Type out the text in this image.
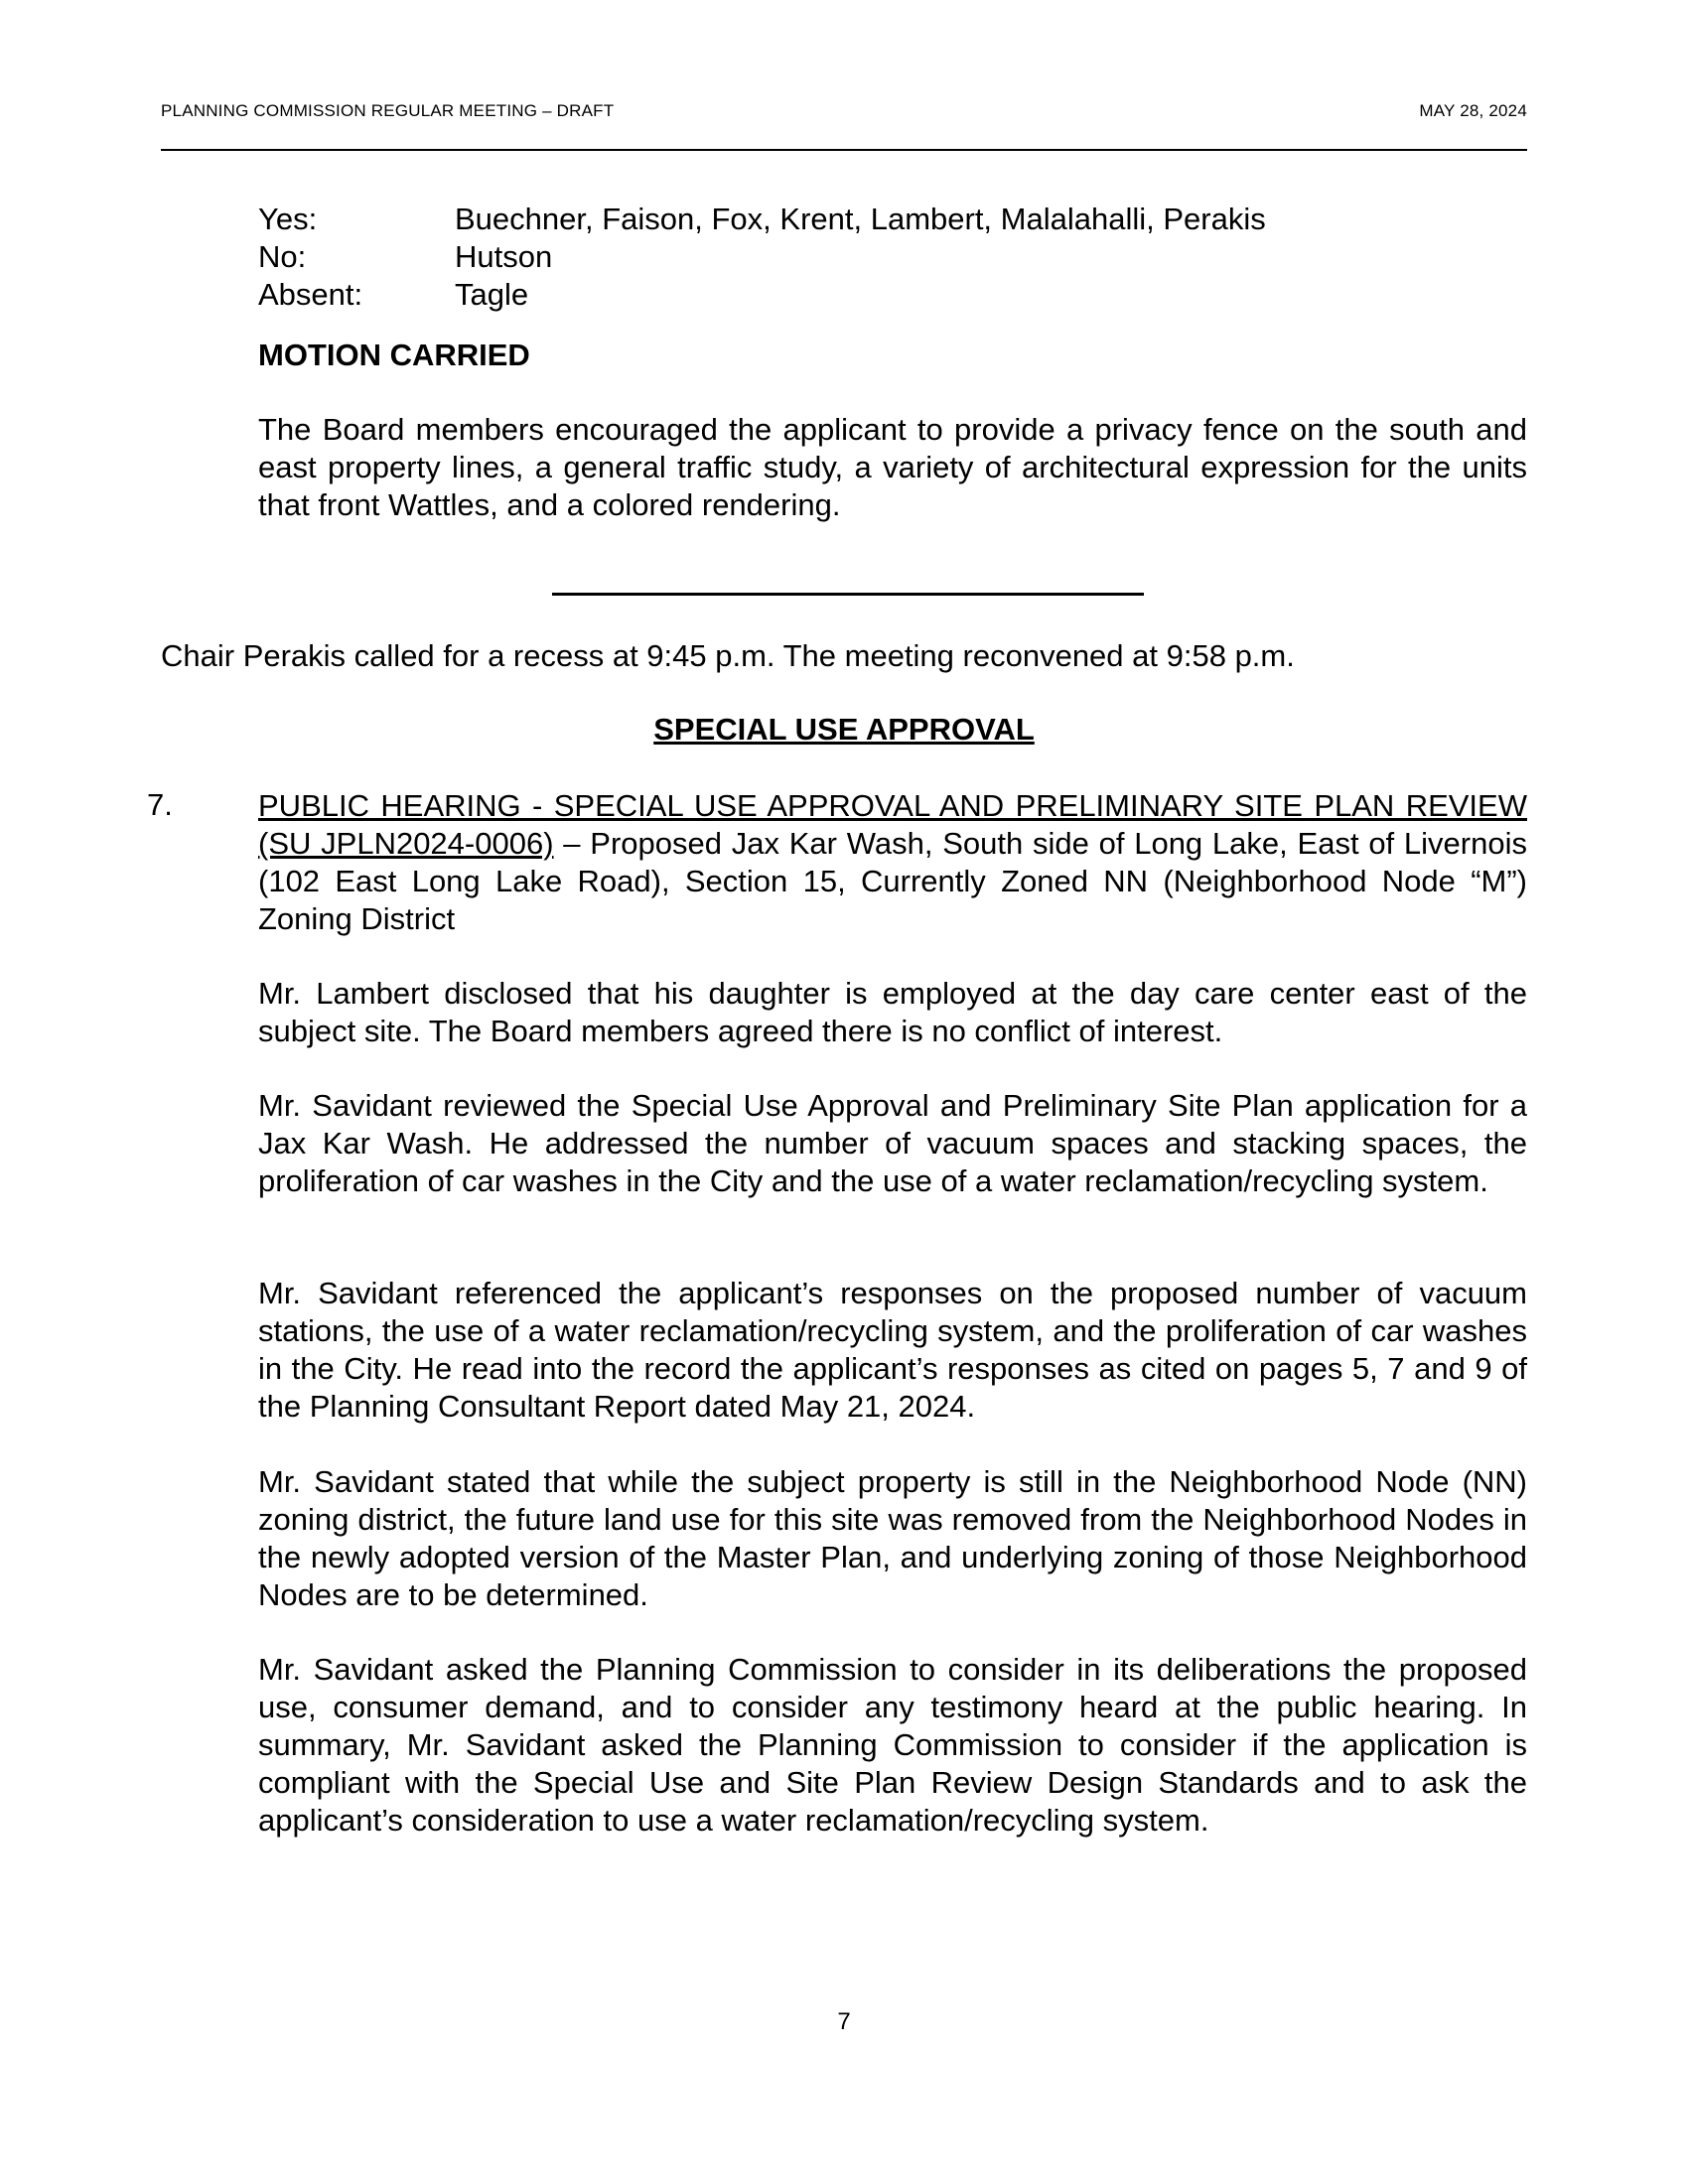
PLANNING COMMISSION REGULAR MEETING – DRAFT	MAY 28, 2024
Yes:	Buechner, Faison, Fox, Krent, Lambert, Malalahalli, Perakis
No:	Hutson
Absent:	Tagle
MOTION CARRIED
The Board members encouraged the applicant to provide a privacy fence on the south and east property lines, a general traffic study, a variety of architectural expression for the units that front Wattles, and a colored rendering.
Chair Perakis called for a recess at 9:45 p.m. The meeting reconvened at 9:58 p.m.
SPECIAL USE APPROVAL
7.	PUBLIC HEARING - SPECIAL USE APPROVAL AND PRELIMINARY SITE PLAN REVIEW (SU JPLN2024-0006) – Proposed Jax Kar Wash, South side of Long Lake, East of Livernois (102 East Long Lake Road), Section 15, Currently Zoned NN (Neighborhood Node “M”) Zoning District
Mr. Lambert disclosed that his daughter is employed at the day care center east of the subject site. The Board members agreed there is no conflict of interest.
Mr. Savidant reviewed the Special Use Approval and Preliminary Site Plan application for a Jax Kar Wash. He addressed the number of vacuum spaces and stacking spaces, the proliferation of car washes in the City and the use of a water reclamation/recycling system.
Mr. Savidant referenced the applicant’s responses on the proposed number of vacuum stations, the use of a water reclamation/recycling system, and the proliferation of car washes in the City. He read into the record the applicant’s responses as cited on pages 5, 7 and 9 of the Planning Consultant Report dated May 21, 2024.
Mr. Savidant stated that while the subject property is still in the Neighborhood Node (NN) zoning district, the future land use for this site was removed from the Neighborhood Nodes in the newly adopted version of the Master Plan, and underlying zoning of those Neighborhood Nodes are to be determined.
Mr. Savidant asked the Planning Commission to consider in its deliberations the proposed use, consumer demand, and to consider any testimony heard at the public hearing. In summary, Mr. Savidant asked the Planning Commission to consider if the application is compliant with the Special Use and Site Plan Review Design Standards and to ask the applicant’s consideration to use a water reclamation/recycling system.
7
